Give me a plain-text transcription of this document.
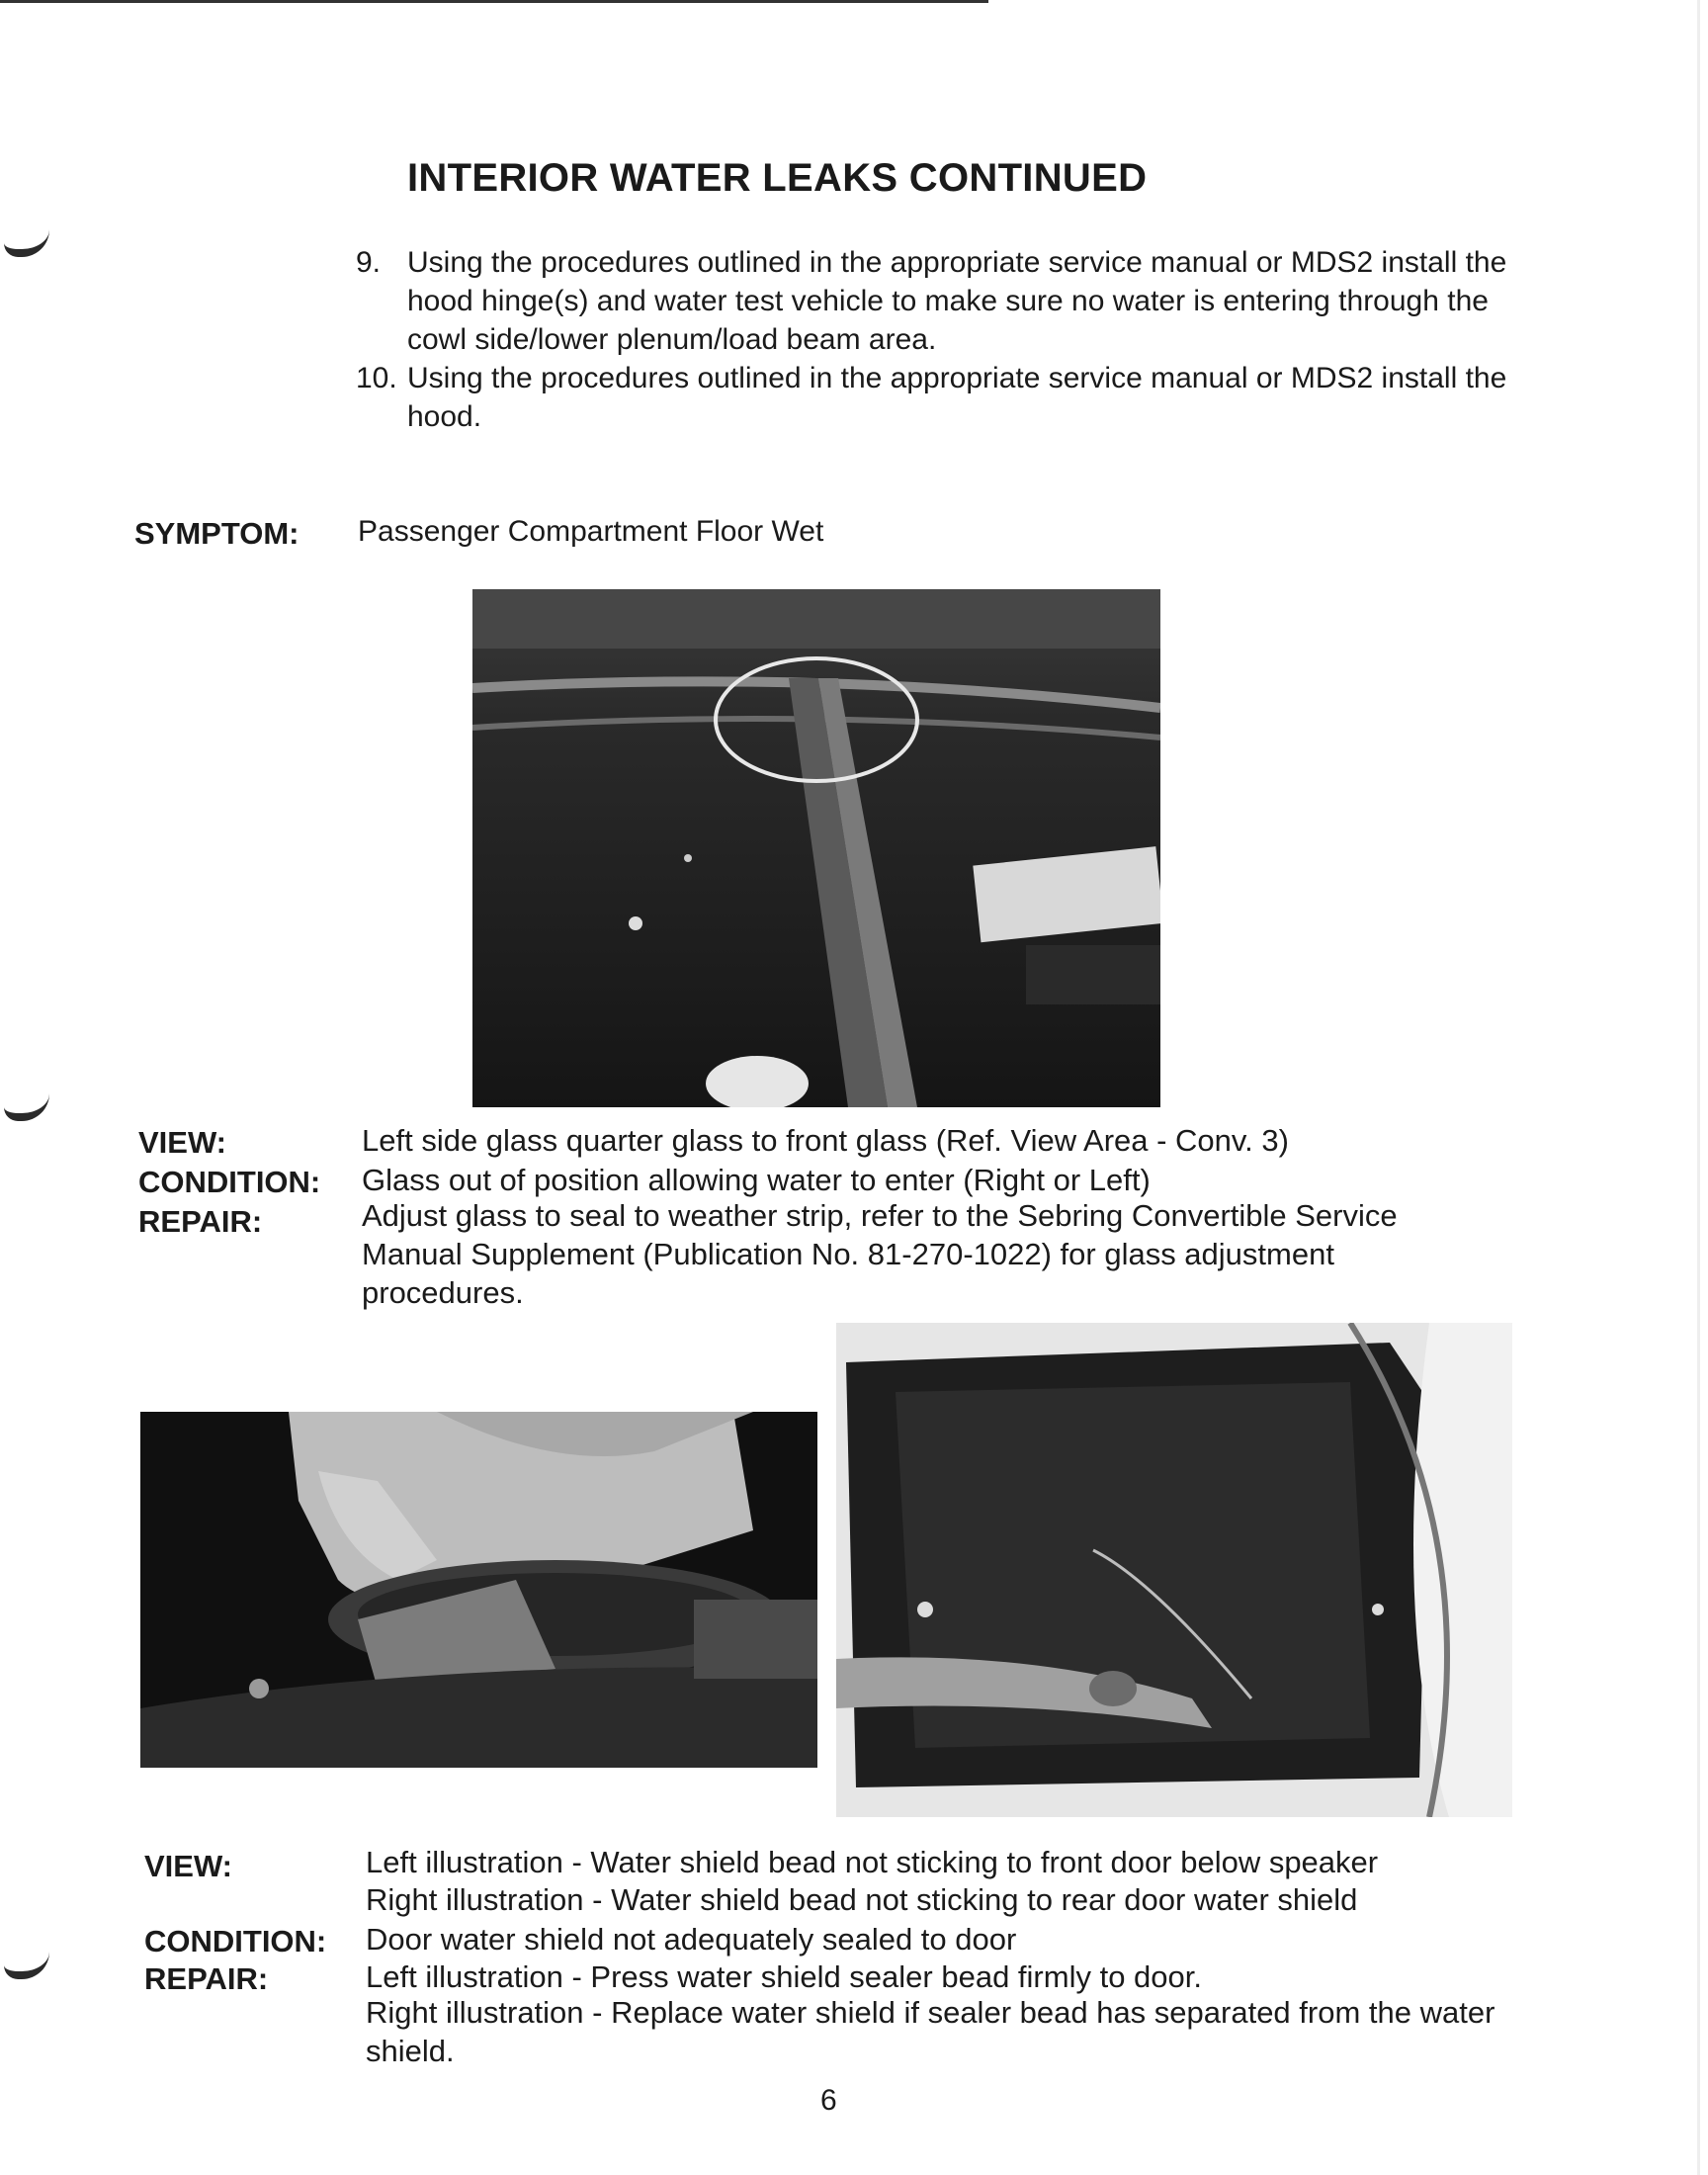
INTERIOR WATER LEAKS CONTINUED
9. Using the procedures outlined in the appropriate service manual or MDS2 install the hood hinge(s) and water test vehicle to make sure no water is entering through the cowl side/lower plenum/load beam area.
10. Using the procedures outlined in the appropriate service manual or MDS2 install the hood.
SYMPTOM: Passenger Compartment Floor Wet
VIEW:
CONDITION:
REPAIR:
Left side glass quarter glass to front glass (Ref. View Area - Conv. 3)
Glass out of position allowing water to enter (Right or Left)
Adjust glass to seal to weather strip, refer to the Sebring Convertible Service Manual Supplement (Publication No. 81-270-1022) for glass adjustment procedures.
VIEW:
CONDITION:
REPAIR:
Left illustration - Water shield bead not sticking to front door below speaker
Right illustration - Water shield bead not sticking to rear door water shield
Door water shield not adequately sealed to door
Left illustration - Press water shield sealer bead firmly to door.
Right illustration - Replace water shield if sealer bead has separated from the water shield.
6
